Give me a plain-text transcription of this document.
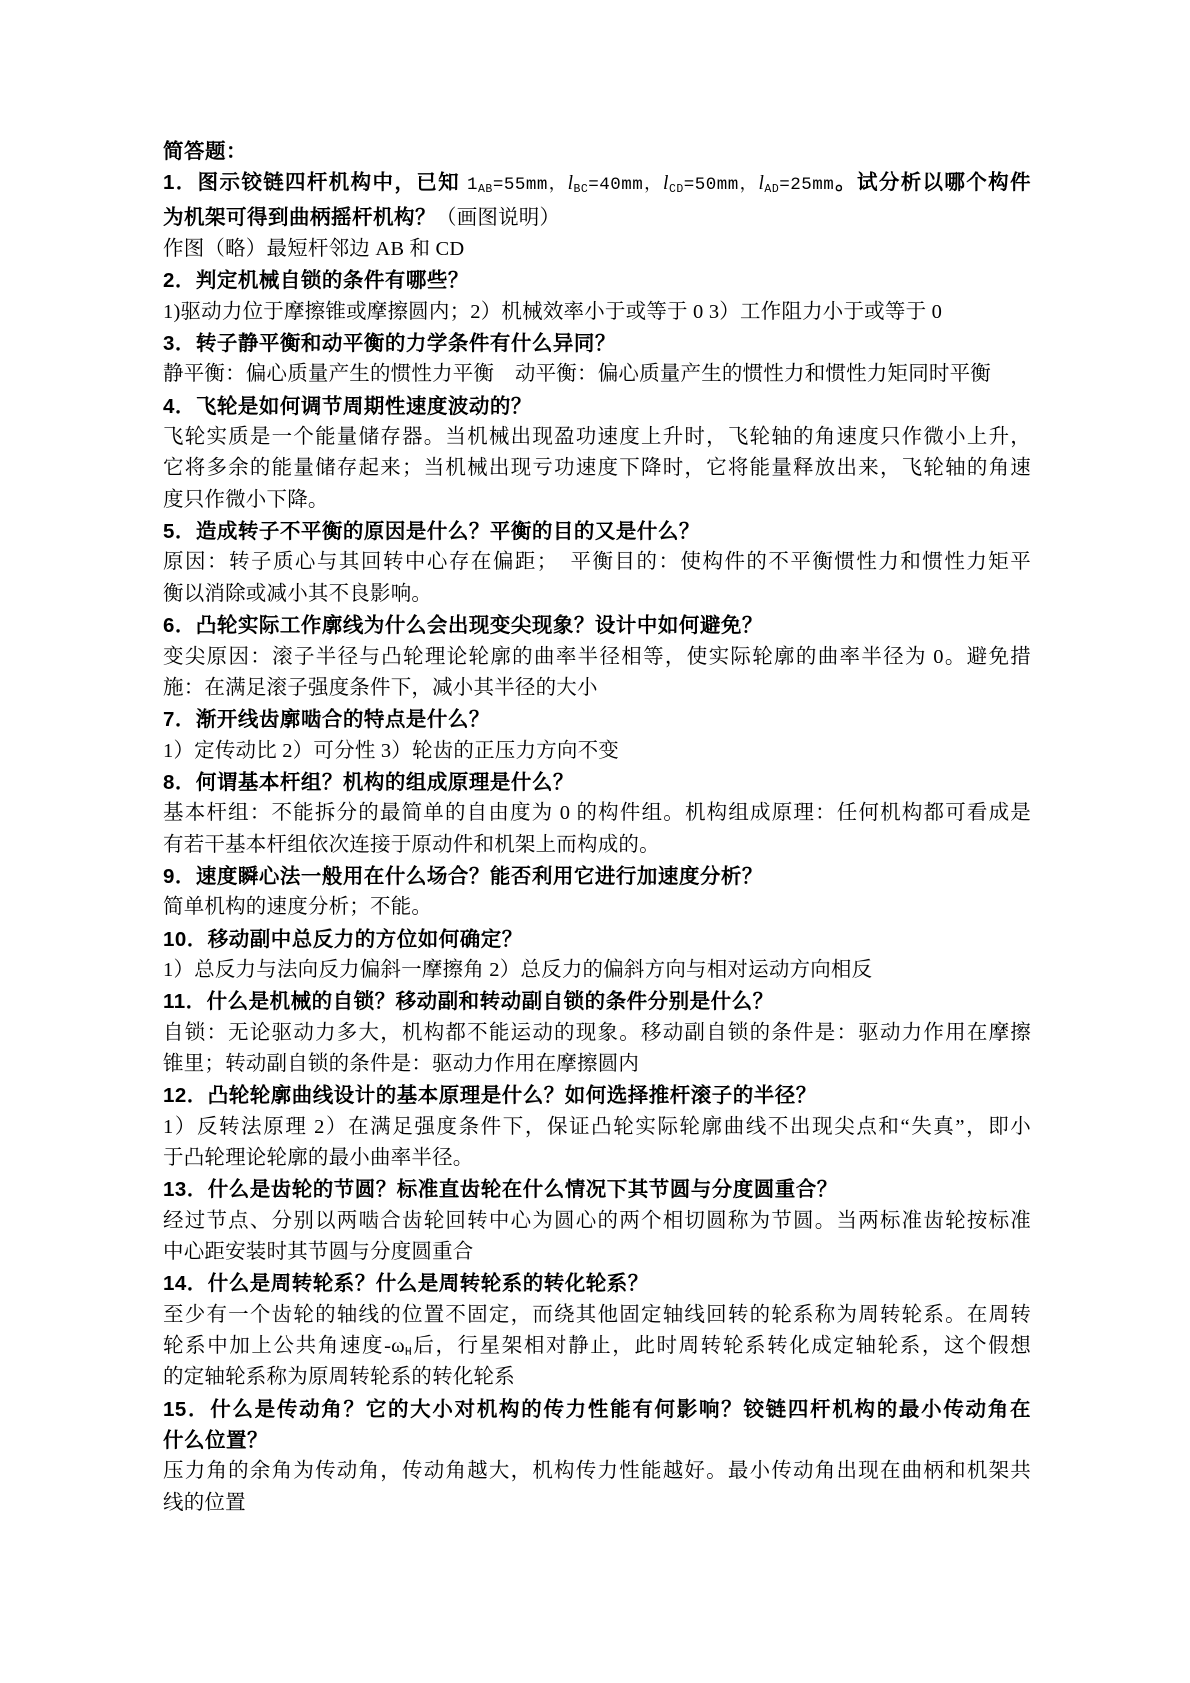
简答题：
1．图示铰链四杆机构中，已知 $1_{AB}=55mm$，$l_{BC}=40mm$，$l_{CD}=50mm$，$l_{AD}=25mm$。试分析以哪个构件
为机架可得到曲柄摇杆机构？（画图说明）
作图（略）最短杆邻边 AB 和 CD
2．判定机械自锁的条件有哪些？
1)驱动力位于摩擦锥或摩擦圆内；2）机械效率小于或等于 0 3）工作阻力小于或等于 0
3．转子静平衡和动平衡的力学条件有什么异同？
静平衡：偏心质量产生的惯性力平衡　动平衡：偏心质量产生的惯性力和惯性力矩同时平衡
4．飞轮是如何调节周期性速度波动的？
飞轮实质是一个能量储存器。当机械出现盈功速度上升时，飞轮轴的角速度只作微小上升，
它将多余的能量储存起来；当机械出现亏功速度下降时，它将能量释放出来，飞轮轴的角速
度只作微小下降。
5．造成转子不平衡的原因是什么？平衡的目的又是什么？
原因：转子质心与其回转中心存在偏距；　平衡目的：使构件的不平衡惯性力和惯性力矩平
衡以消除或减小其不良影响。
6．凸轮实际工作廓线为什么会出现变尖现象？设计中如何避免？
变尖原因：滚子半径与凸轮理论轮廓的曲率半径相等，使实际轮廓的曲率半径为 0。避免措
施：在满足滚子强度条件下，减小其半径的大小
7．渐开线齿廓啮合的特点是什么？
1）定传动比 2）可分性 3）轮齿的正压力方向不变
8．何谓基本杆组？机构的组成原理是什么？
基本杆组：不能拆分的最简单的自由度为 0 的构件组。机构组成原理：任何机构都可看成是
有若干基本杆组依次连接于原动件和机架上而构成的。
9．速度瞬心法一般用在什么场合？能否利用它进行加速度分析？
简单机构的速度分析；不能。
10．移动副中总反力的方位如何确定？
1）总反力与法向反力偏斜一摩擦角 2）总反力的偏斜方向与相对运动方向相反
11．什么是机械的自锁？移动副和转动副自锁的条件分别是什么？
自锁：无论驱动力多大，机构都不能运动的现象。移动副自锁的条件是：驱动力作用在摩擦
锥里；转动副自锁的条件是：驱动力作用在摩擦圆内
12．凸轮轮廓曲线设计的基本原理是什么？如何选择推杆滚子的半径？
1）反转法原理 2）在满足强度条件下，保证凸轮实际轮廓曲线不出现尖点和“失真”，即小
于凸轮理论轮廓的最小曲率半径。
13．什么是齿轮的节圆？标准直齿轮在什么情况下其节圆与分度圆重合？
经过节点、分别以两啮合齿轮回转中心为圆心的两个相切圆称为节圆。当两标准齿轮按标准
中心距安装时其节圆与分度圆重合
14．什么是周转轮系？什么是周转轮系的转化轮系？
至少有一个齿轮的轴线的位置不固定，而绕其他固定轴线回转的轮系称为周转轮系。在周转
轮系中加上公共角速度$-\omega_H$后，行星架相对静止，此时周转轮系转化成定轴轮系，这个假想
的定轴轮系称为原周转轮系的转化轮系
15．什么是传动角？它的大小对机构的传力性能有何影响？铰链四杆机构的最小传动角在
什么位置？
压力角的余角为传动角，传动角越大，机构传力性能越好。最小传动角出现在曲柄和机架共
线的位置
